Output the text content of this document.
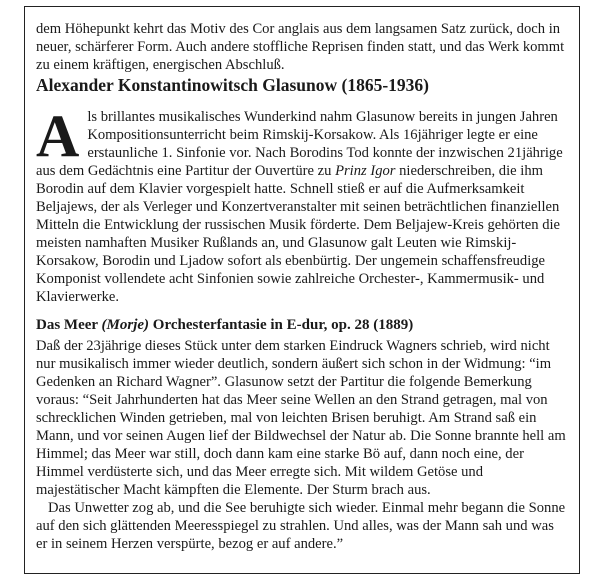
dem Höhepunkt kehrt das Motiv des Cor anglais aus dem langsamen Satz zurück, doch in neuer, schärferer Form. Auch andere stoffliche Reprisen finden statt, und das Werk kommt zu einem kräftigen, energischen Abschluß.

Alexander Konstantinowitsch Glasunow (1865-1936)

Als brillantes musikalisches Wunderkind nahm Glasunow bereits in jungen Jahren Kompositionsunterricht beim Rimskij-Korsakow. Als 16jähriger legte er eine erstaunliche 1. Sinfonie vor. Nach Borodins Tod konnte der inzwischen 21jährige aus dem Gedächtnis eine Partitur der Ouvertüre zu Prinz Igor niederschreiben, die ihm Borodin auf dem Klavier vorgespielt hatte. Schnell stieß er auf die Aufmerksamkeit Beljajews, der als Verleger und Konzertveranstalter mit seinen beträchtlichen finanziellen Mitteln die Entwicklung der russischen Musik förderte. Dem Beljajew-Kreis gehörten die meisten namhaften Musiker Rußlands an, und Glasunow galt Leuten wie Rimskij-Korsakow, Borodin und Ljadow sofort als ebenbürtig. Der ungemein schaffensfreudige Komponist vollendete acht Sinfonien sowie zahlreiche Orchester-, Kammermusik- und Klavierwerke.

Das Meer (Morje) Orchesterfantasie in E-dur, op. 28 (1889)

Daß der 23jährige dieses Stück unter dem starken Eindruck Wagners schrieb, wird nicht nur musikalisch immer wieder deutlich, sondern äußert sich schon in der Widmung: “im Gedenken an Richard Wagner”. Glasunow setzt der Partitur die folgende Bemerkung voraus: “Seit Jahrhunderten hat das Meer seine Wellen an den Strand getragen, mal von schrecklichen Winden getrieben, mal von leichten Brisen beruhigt. Am Strand saß ein Mann, und vor seinen Augen lief der Bildwechsel der Natur ab. Die Sonne brannte hell am Himmel; das Meer war still, doch dann kam eine starke Bö auf, dann noch eine, der Himmel verdüsterte sich, und das Meer erregte sich. Mit wildem Getöse und majestätischer Macht kämpften die Elemente. Der Sturm brach aus.

Das Unwetter zog ab, und die See beruhigte sich wieder. Einmal mehr begann die Sonne auf den sich glättenden Meeresspiegel zu strahlen. Und alles, was der Mann sah und was er in seinem Herzen verspürte, bezog er auf andere.”
